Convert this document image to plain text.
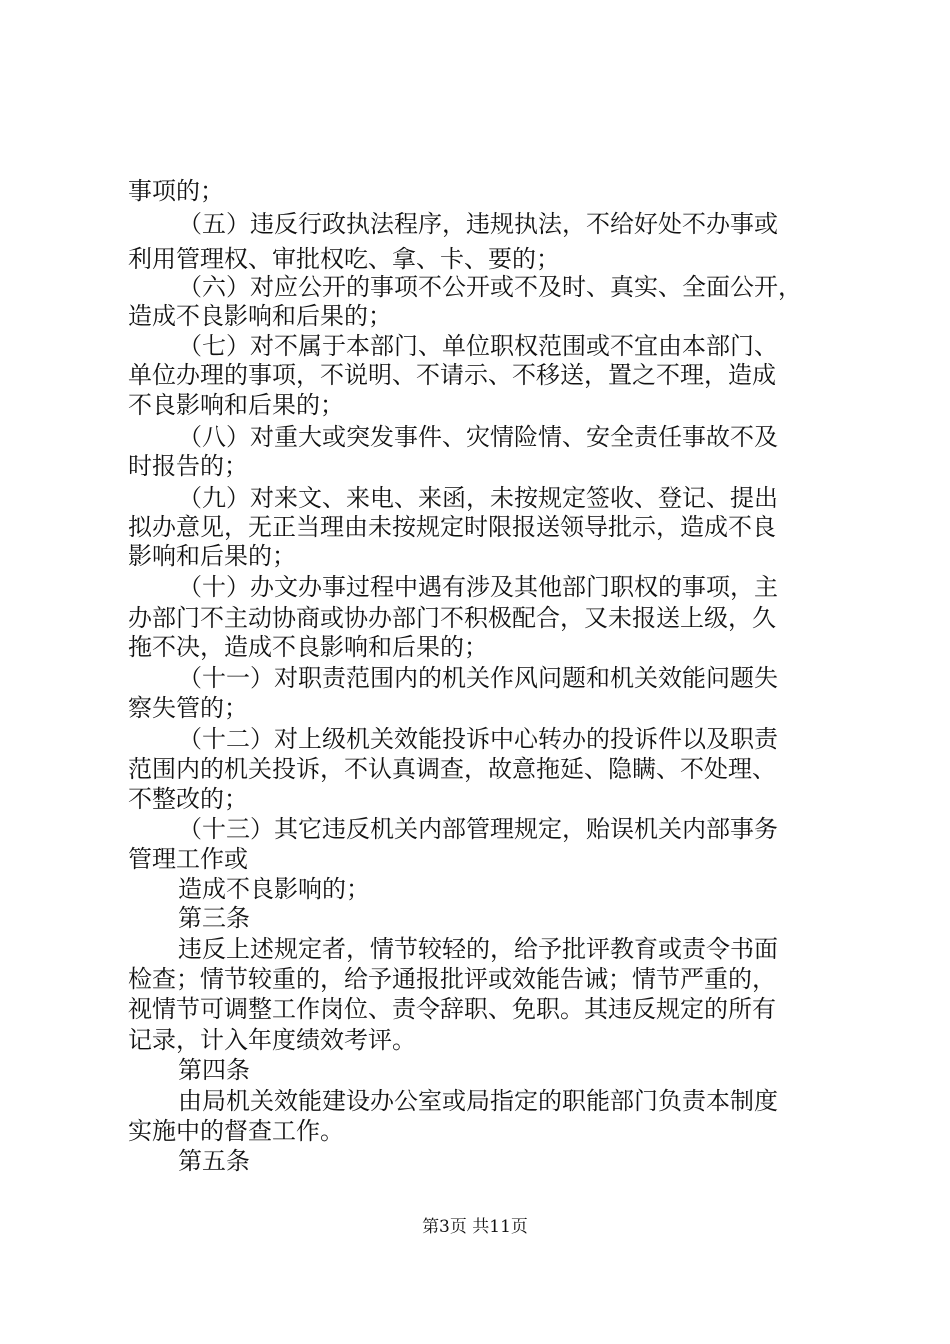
事项的；
（五）违反行政执法程序，违规执法，不给好处不办事或
利用管理权、审批权吃、拿、卡、要的；
（六）对应公开的事项不公开或不及时、真实、全面公开，
造成不良影响和后果的；
（七）对不属于本部门、单位职权范围或不宜由本部门、
单位办理的事项，不说明、不请示、不移送，置之不理，造成
不良影响和后果的；
（八）对重大或突发事件、灾情险情、安全责任事故不及
时报告的；
（九）对来文、来电、来函，未按规定签收、登记、提出
拟办意见，无正当理由未按规定时限报送领导批示，造成不良
影响和后果的；
（十）办文办事过程中遇有涉及其他部门职权的事项，主
办部门不主动协商或协办部门不积极配合，又未报送上级，久
拖不决，造成不良影响和后果的；
（十一）对职责范围内的机关作风问题和机关效能问题失
察失管的；
（十二）对上级机关效能投诉中心转办的投诉件以及职责
范围内的机关投诉，不认真调查，故意拖延、隐瞒、不处理、
不整改的；
（十三）其它违反机关内部管理规定，贻误机关内部事务
管理工作或
造成不良影响的；
第三条
违反上述规定者，情节较轻的，给予批评教育或责令书面
检查；情节较重的，给予通报批评或效能告诫；情节严重的，
视情节可调整工作岗位、责令辞职、免职。其违反规定的所有
记录，计入年度绩效考评。
第四条
由局机关效能建设办公室或局指定的职能部门负责本制度
实施中的督查工作。
第五条
第3页 共11页
